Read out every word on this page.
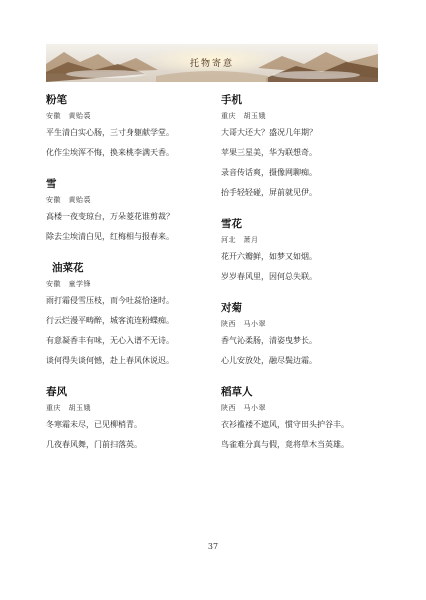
托物寄意
粉笔
安徽　黄贻裘
平生清白实心肠，三寸身躯献学堂。
化作尘埃浑不悔，换来桃李满天香。
雪
安徽　黄贻裘
高楼一夜变琼台，万朵菱花谁剪裁？
除去尘埃清白见，红梅相与报春来。
油菜花
安徽　童学锋
雨打霜侵雪压枝，而今吐蕊恰逢时。
行云烂漫平畴醉，城客流连粉蝶痴。
有意凝香丰有味，无心入谱不无诗。
谈何得失谈何憾，赴上春风休说迟。
春风
重庆　胡玉娥
冬寒霜未尽，已见柳梢青。
几夜春风舞，门前扫落英。
手机
重庆　胡玉娥
大哥大还大？盛况几年期？
苹果三星美，华为联想奇。
录音传话爽，摄像网聊痴。
抬手轻轻碰，屏前就见伊。
雪花
河北　萧月
花开六瓣鲜，如梦又如烟。
岁岁春风里，因何总失联。
对菊
陕西　马小翠
香气沁柔肠，清姿曳梦长。
心儿安放处，融尽鬓边霜。
稻草人
陕西　马小翠
衣衫褴褛不遮风，惯守田头护谷丰。
鸟雀难分真与假，竟将草木当英雄。
37
